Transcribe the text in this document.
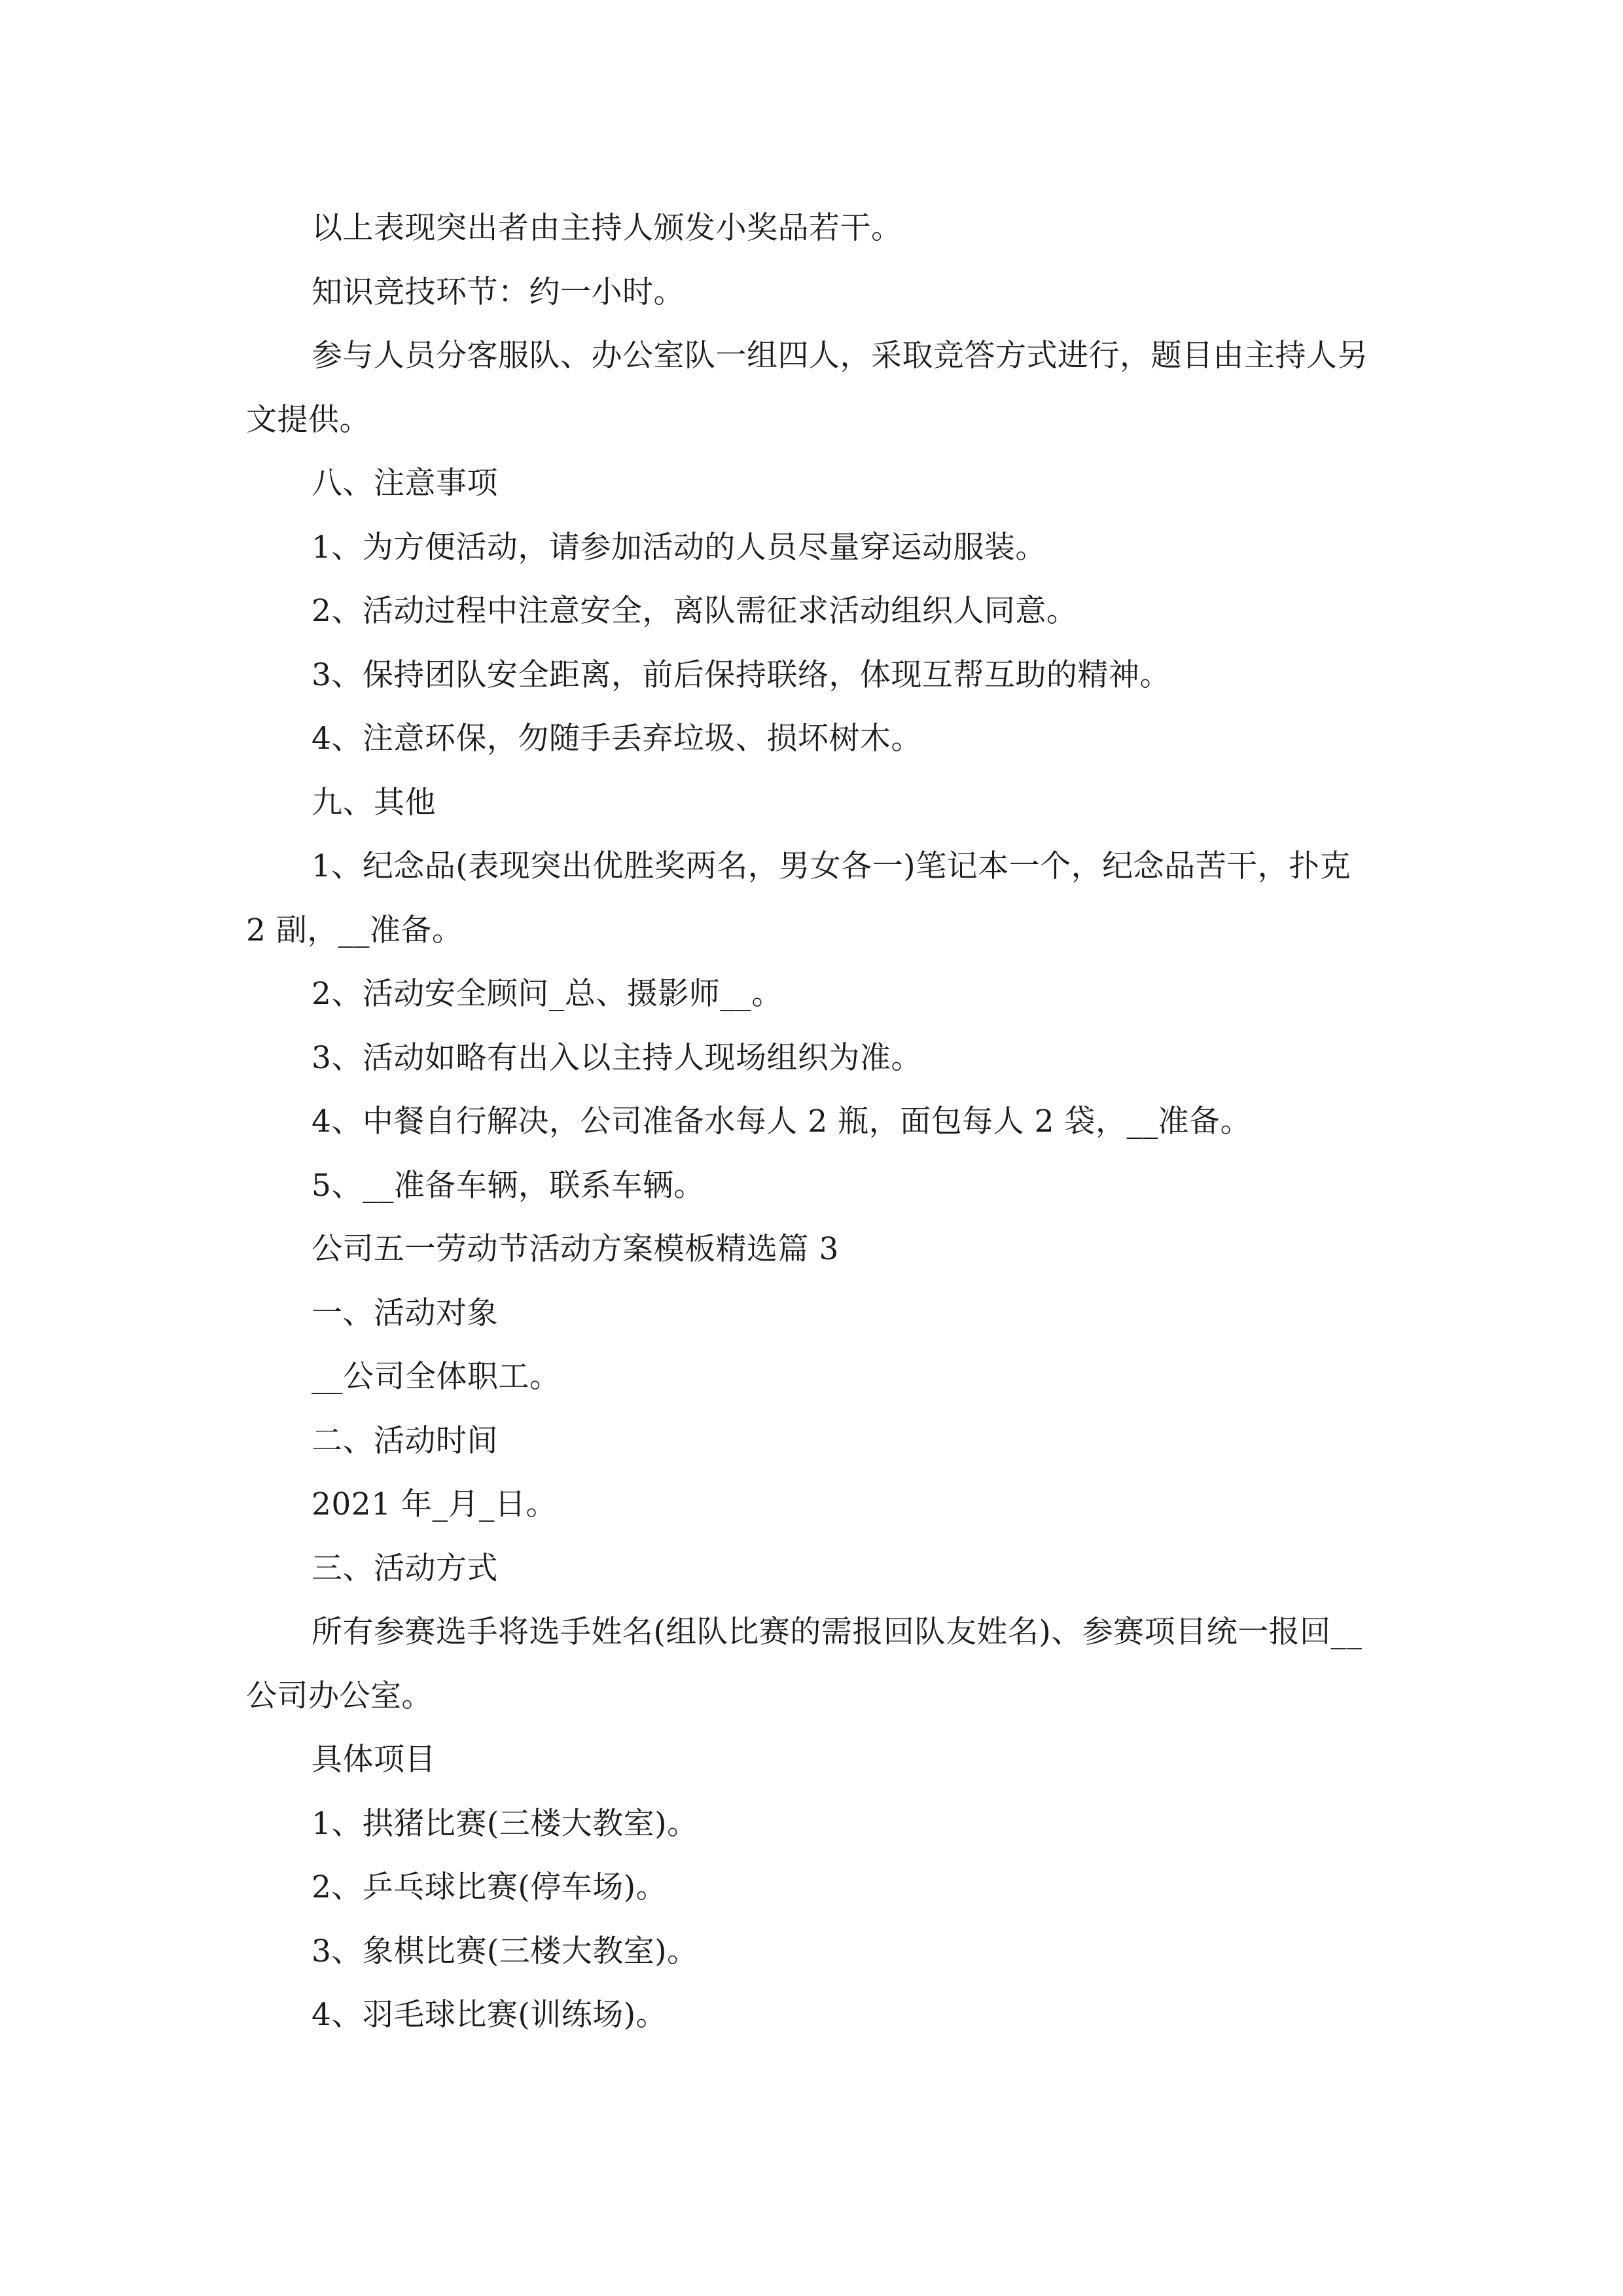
以上表现突出者由主持人颁发小奖品若干。

知识竞技环节：约一小时。

参与人员分客服队、办公室队一组四人，采取竞答方式进行，题目由主持人另文提供。

八、注意事项

1、为方便活动，请参加活动的人员尽量穿运动服装。

2、活动过程中注意安全，离队需征求活动组织人同意。

3、保持团队安全距离，前后保持联络，体现互帮互助的精神。

4、注意环保，勿随手丢弃垃圾、损坏树木。

九、其他

1、纪念品(表现突出优胜奖两名，男女各一)笔记本一个，纪念品苦干，扑克 2 副，__准备。

2、活动安全顾问_总、摄影师__。

3、活动如略有出入以主持人现场组织为准。

4、中餐自行解决，公司准备水每人 2 瓶，面包每人 2 袋，__准备。

5、__准备车辆，联系车辆。

公司五一劳动节活动方案模板精选篇 3

一、活动对象

__公司全体职工。

二、活动时间

2021 年_月_日。

三、活动方式

所有参赛选手将选手姓名(组队比赛的需报回队友姓名)、参赛项目统一报回__公司办公室。

具体项目

1、拱猪比赛(三楼大教室)。

2、乒乓球比赛(停车场)。

3、象棋比赛(三楼大教室)。

4、羽毛球比赛(训练场)。
